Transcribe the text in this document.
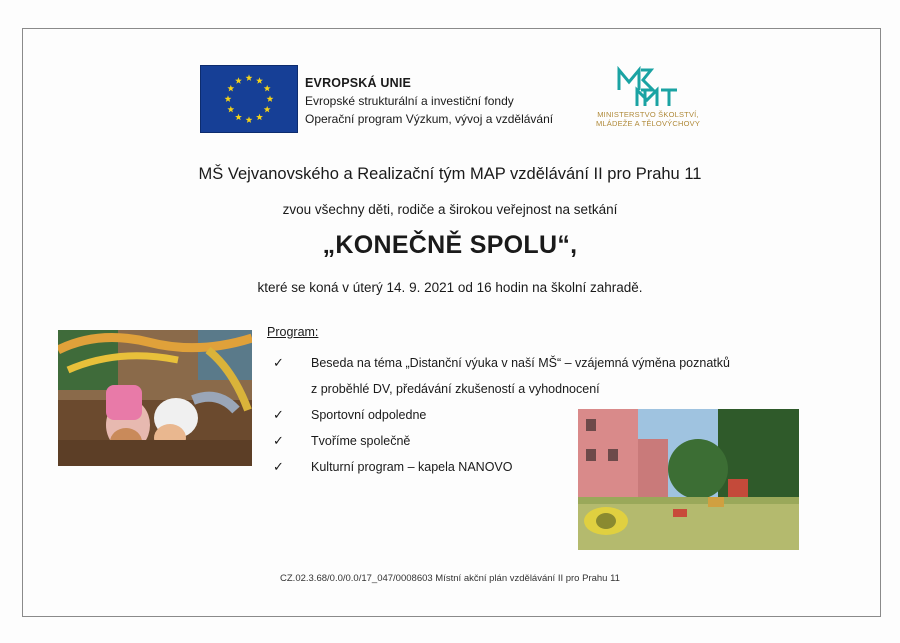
EVROPSKÁ UNIE
Evropské strukturální a investiční fondy
Operační program Výzkum, vývoj a vzdělávání	MINISTERSTVO ŠKOLSTVÍ,
MLÁDEŽE A TĚLOVÝCHOVY
MŠ Vejvanovského a Realizační tým MAP vzdělávání II pro Prahu 11
zvou všechny děti, rodiče a širokou veřejnost na setkání
„KONEČNĚ SPOLU“,
které se koná v úterý 14. 9. 2021 od 16 hodin na školní zahradě.
Program:
✓ Beseda na téma „Distanční výuka v naší MŠ“ – vzájemná výměna poznatků
z proběhlé DV, předávání zkušeností a vyhodnocení
✓ Sportovní odpoledne
✓ Tvoříme společně
✓ Kulturní program – kapela NANOVO
CZ.02.3.68/0.0/0.0/17_047/0008603 Místní akční plán vzdělávání II pro Prahu 11
